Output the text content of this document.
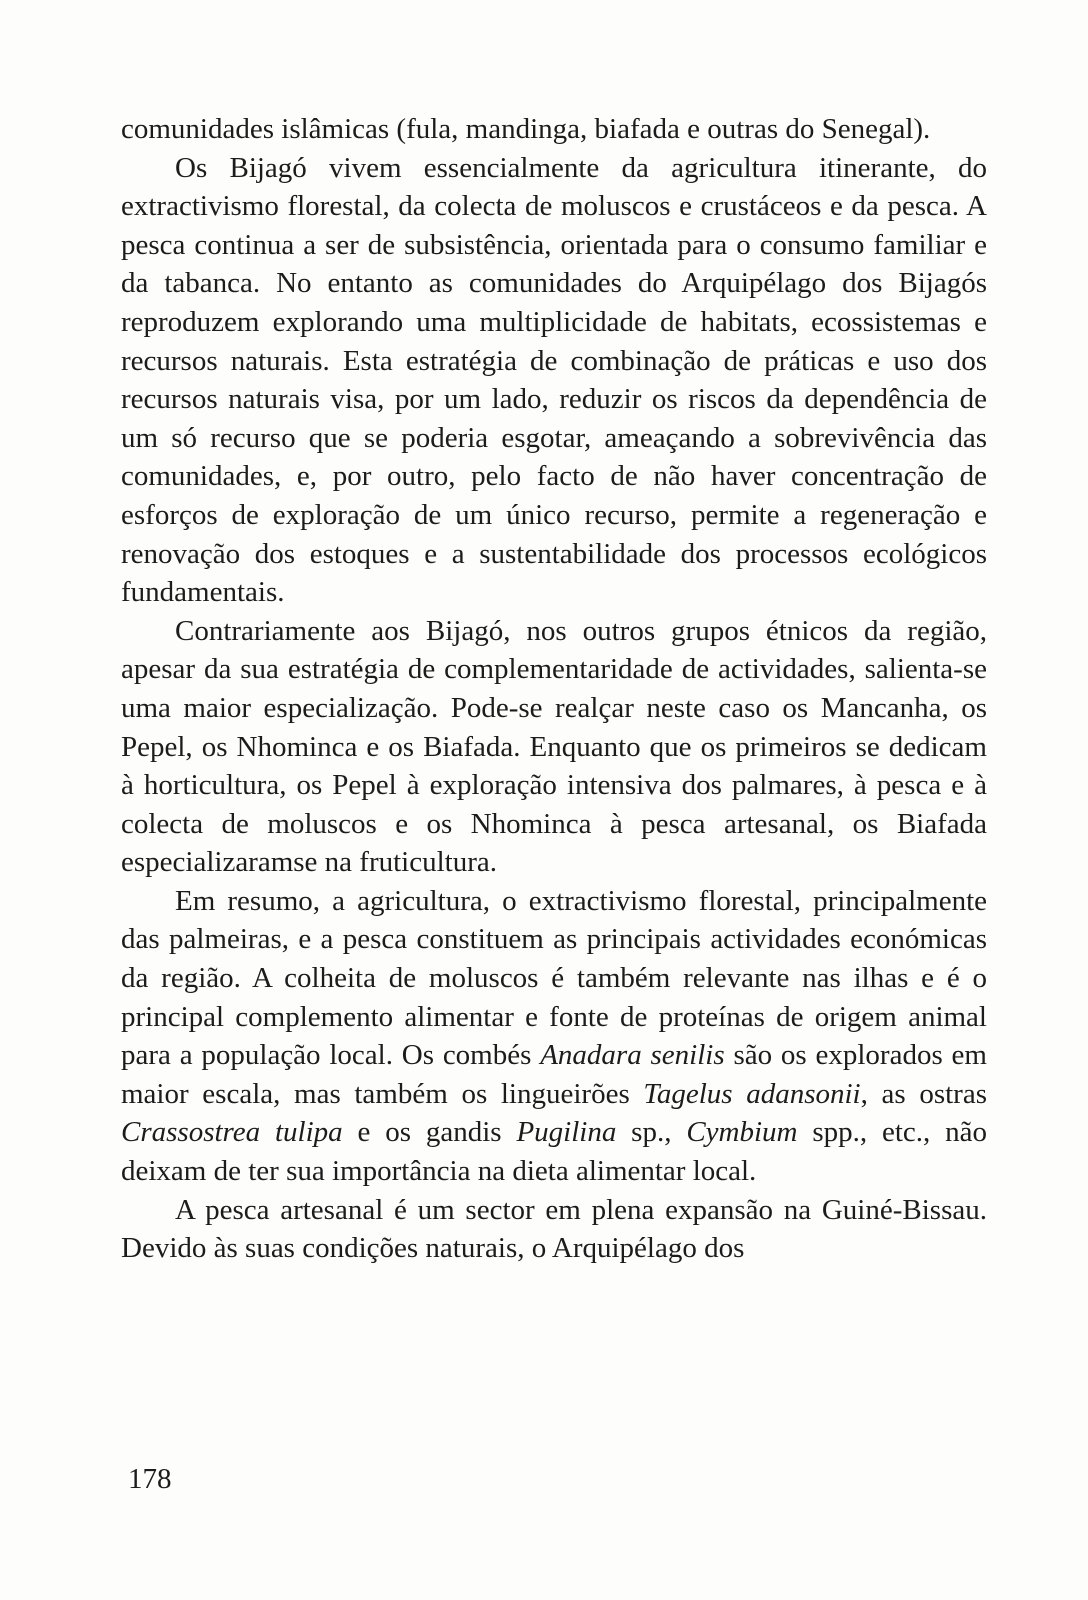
comunidades islâmicas (fula, mandinga, biafada e outras do Senegal).

Os Bijagó vivem essencialmente da agricultura itinerante, do extractivismo florestal, da colecta de moluscos e crustáceos e da pesca. A pesca continua a ser de subsistência, orientada para o consumo familiar e da tabanca. No entanto as comunidades do Arquipélago dos Bijagós reproduzem explorando uma multiplicidade de habitats, ecossistemas e recursos naturais. Esta estratégia de combinação de práticas e uso dos recursos naturais visa, por um lado, reduzir os riscos da dependência de um só recurso que se poderia esgotar, ameaçando a sobrevivência das comunidades, e, por outro, pelo facto de não haver concentração de esforços de exploração de um único recurso, permite a regeneração e renovação dos estoques e a sustentabilidade dos processos ecológicos fundamentais.

Contrariamente aos Bijagó, nos outros grupos étnicos da região, apesar da sua estratégia de complementaridade de actividades, salienta-se uma maior especialização. Pode-se realçar neste caso os Mancanha, os Pepel, os Nhominca e os Biafada. Enquanto que os primeiros se dedicam à horticultura, os Pepel à exploração intensiva dos palmares, à pesca e à colecta de moluscos e os Nhominca à pesca artesanal, os Biafada especializaramse na fruticultura.

Em resumo, a agricultura, o extractivismo florestal, principalmente das palmeiras, e a pesca constituem as principais actividades económicas da região. A colheita de moluscos é também relevante nas ilhas e é o principal complemento alimentar e fonte de proteínas de origem animal para a população local. Os combés Anadara senilis são os explorados em maior escala, mas também os lingueirões Tagelus adansonii, as ostras Crassostrea tulipa e os gandis Pugilina sp., Cymbium spp., etc., não deixam de ter sua importância na dieta alimentar local.

A pesca artesanal é um sector em plena expansão na Guiné-Bissau. Devido às suas condições naturais, o Arquipélago dos

178
